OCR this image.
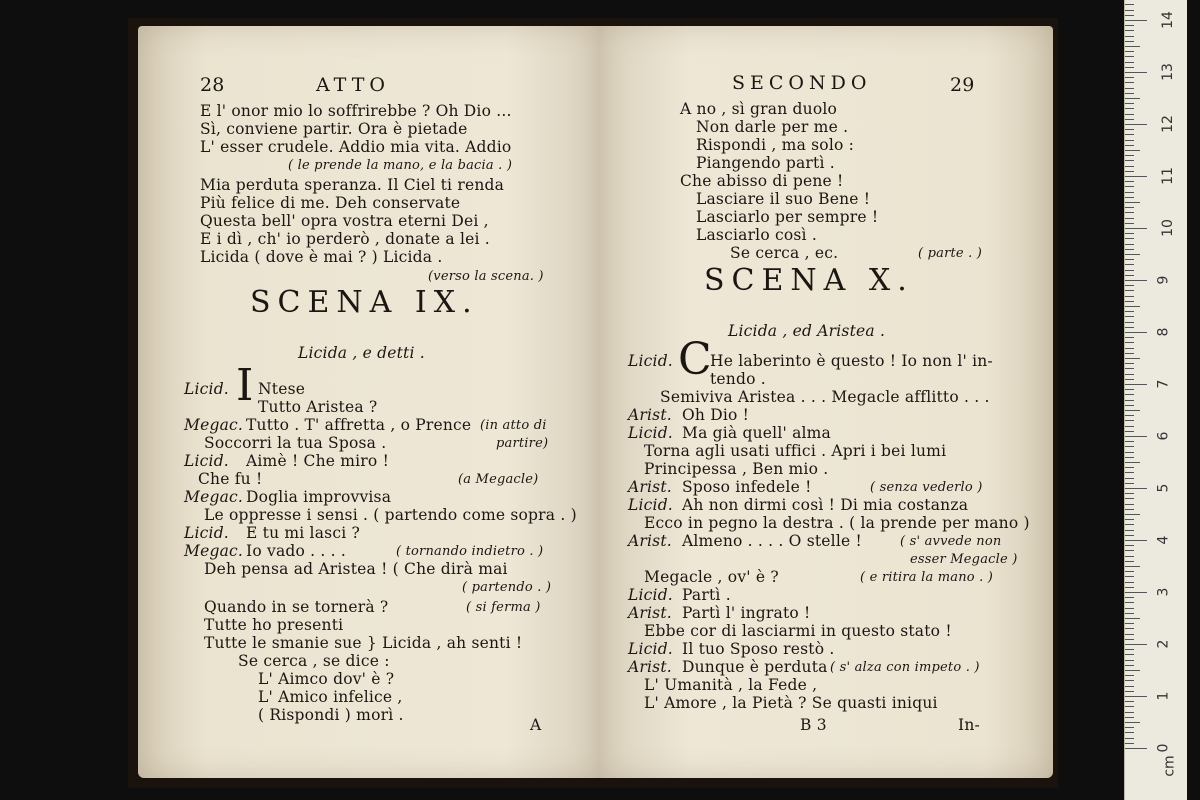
28	ATTO
E l' onor mio lo soffrirebbe ? Oh Dio ...
Sì, conviene partir. Ora è pietade
L' esser crudele. Addio mia vita. Addio
( le prende la mano, e la bacia . )
Mia perduta speranza. Il Ciel ti renda
Più felice di me. Deh conservate
Questa bell' opra vostra eterni Dei ,
E i dì , ch' io perderò , donate a lei .
Licida ( dove è mai ? ) Licida .
(verso la scena. )
SCENA IX.
Licida , e detti .
Licid. I Ntese
Tutto Aristea ?
Megac. Tutto . T' affretta , o Prence (in atto di
Soccorri la tua Sposa .	partire)
Licid. Aimè ! Che miro !
Che fu !	(a Megacle)
Megac. Doglia improvvisa
Le oppresse i sensi . ( partendo come sopra . )
Licid. E tu mi lasci ?
Megac. Io vado . . . .	( tornando indietro . )
Deh pensa ad Aristea ! ( Che dirà mai
( partendo . )
Quando in se tornerà ?	( si ferma )
Tutte ho presenti
Tutte le smanie sue } Licida , ah senti !
Se cerca , se dice :
L' Aimco dov' è ?
L' Amico infelice ,
( Rispondi ) morì .
A
SECONDO	29
A no , sì gran duolo
Non darle per me .
Rispondi , ma solo :
Piangendo partì .
Che abisso di pene !
Lasciare il suo Bene !
Lasciarlo per sempre !
Lasciarlo così .
Se cerca , ec.	( parte . )
SCENA X.
Licida , ed Aristea .
Licid. C
He laberinto è questo ! Io non l' in-
tendo .
Semiviva Aristea . . . Megacle afflitto . . .
Arist. Oh Dio !
Licid. Ma già quell' alma
Torna agli usati uffici . Apri i bei lumi
Principessa , Ben mio .
Arist. Sposo infedele !	( senza vederlo )
Licid. Ah non dirmi così ! Di mia costanza
Ecco in pegno la destra . ( la prende per mano )
Arist. Almeno . . . . O stelle !	( s' avvede non
esser Megacle )
Megacle , ov' è ?	( e ritira la mano . )
Licid. Partì .
Arist. Partì l' ingrato !
Ebbe cor di lasciarmi in questo stato !
Licid. Il tuo Sposo restò .
Arist. Dunque è perduta ( s' alza con impeto . )
L' Umanità , la Fede ,
L' Amore , la Pietà ? Se quasti iniqui
B 3	In-
cm
0
1
2
3
4
5
6
7
8
9
10
11
12
13
14
